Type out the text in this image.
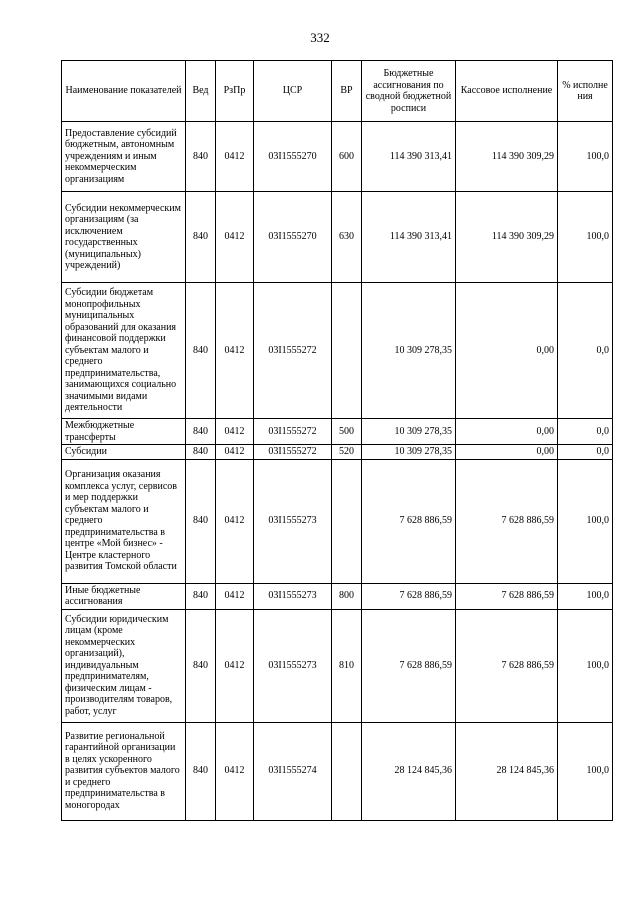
332
Наименование показателей	Вед	РзПр	ЦСР	ВР	Бюджетные ассигнования по сводной бюджетной росписи	Кассовое исполнение	% исполне ния
Предоставление субсидий бюджетным, автономным учреждениям и иным некоммерческим организациям	840	0412	03I1555270	600	114 390 313,41	114 390 309,29	100,0
Субсидии некоммерческим организациям (за исключением государственных (муниципальных) учреждений)	840	0412	03I1555270	630	114 390 313,41	114 390 309,29	100,0
Субсидии бюджетам монопрофильных муниципальных образований для оказания финансовой поддержки субъектам малого и среднего предпринимательства, занимающихся социально значимыми видами деятельности	840	0412	03I1555272		10 309 278,35	0,00	0,0
Межбюджетные трансферты	840	0412	03I1555272	500	10 309 278,35	0,00	0,0
Субсидии	840	0412	03I1555272	520	10 309 278,35	0,00	0,0
Организация оказания комплекса услуг, сервисов и мер поддержки субъектам малого и среднего предпринимательства в центре «Мой бизнес» - Центре кластерного развития Томской области	840	0412	03I1555273		7 628 886,59	7 628 886,59	100,0
Иные бюджетные ассигнования	840	0412	03I1555273	800	7 628 886,59	7 628 886,59	100,0
Субсидии юридическим лицам (кроме некоммерческих организаций), индивидуальным предпринимателям, физическим лицам - производителям товаров, работ, услуг	840	0412	03I1555273	810	7 628 886,59	7 628 886,59	100,0
Развитие региональной гарантийной организации в целях ускоренного развития субъектов малого и среднего предпринимательства в моногородах	840	0412	03I1555274		28 124 845,36	28 124 845,36	100,0
